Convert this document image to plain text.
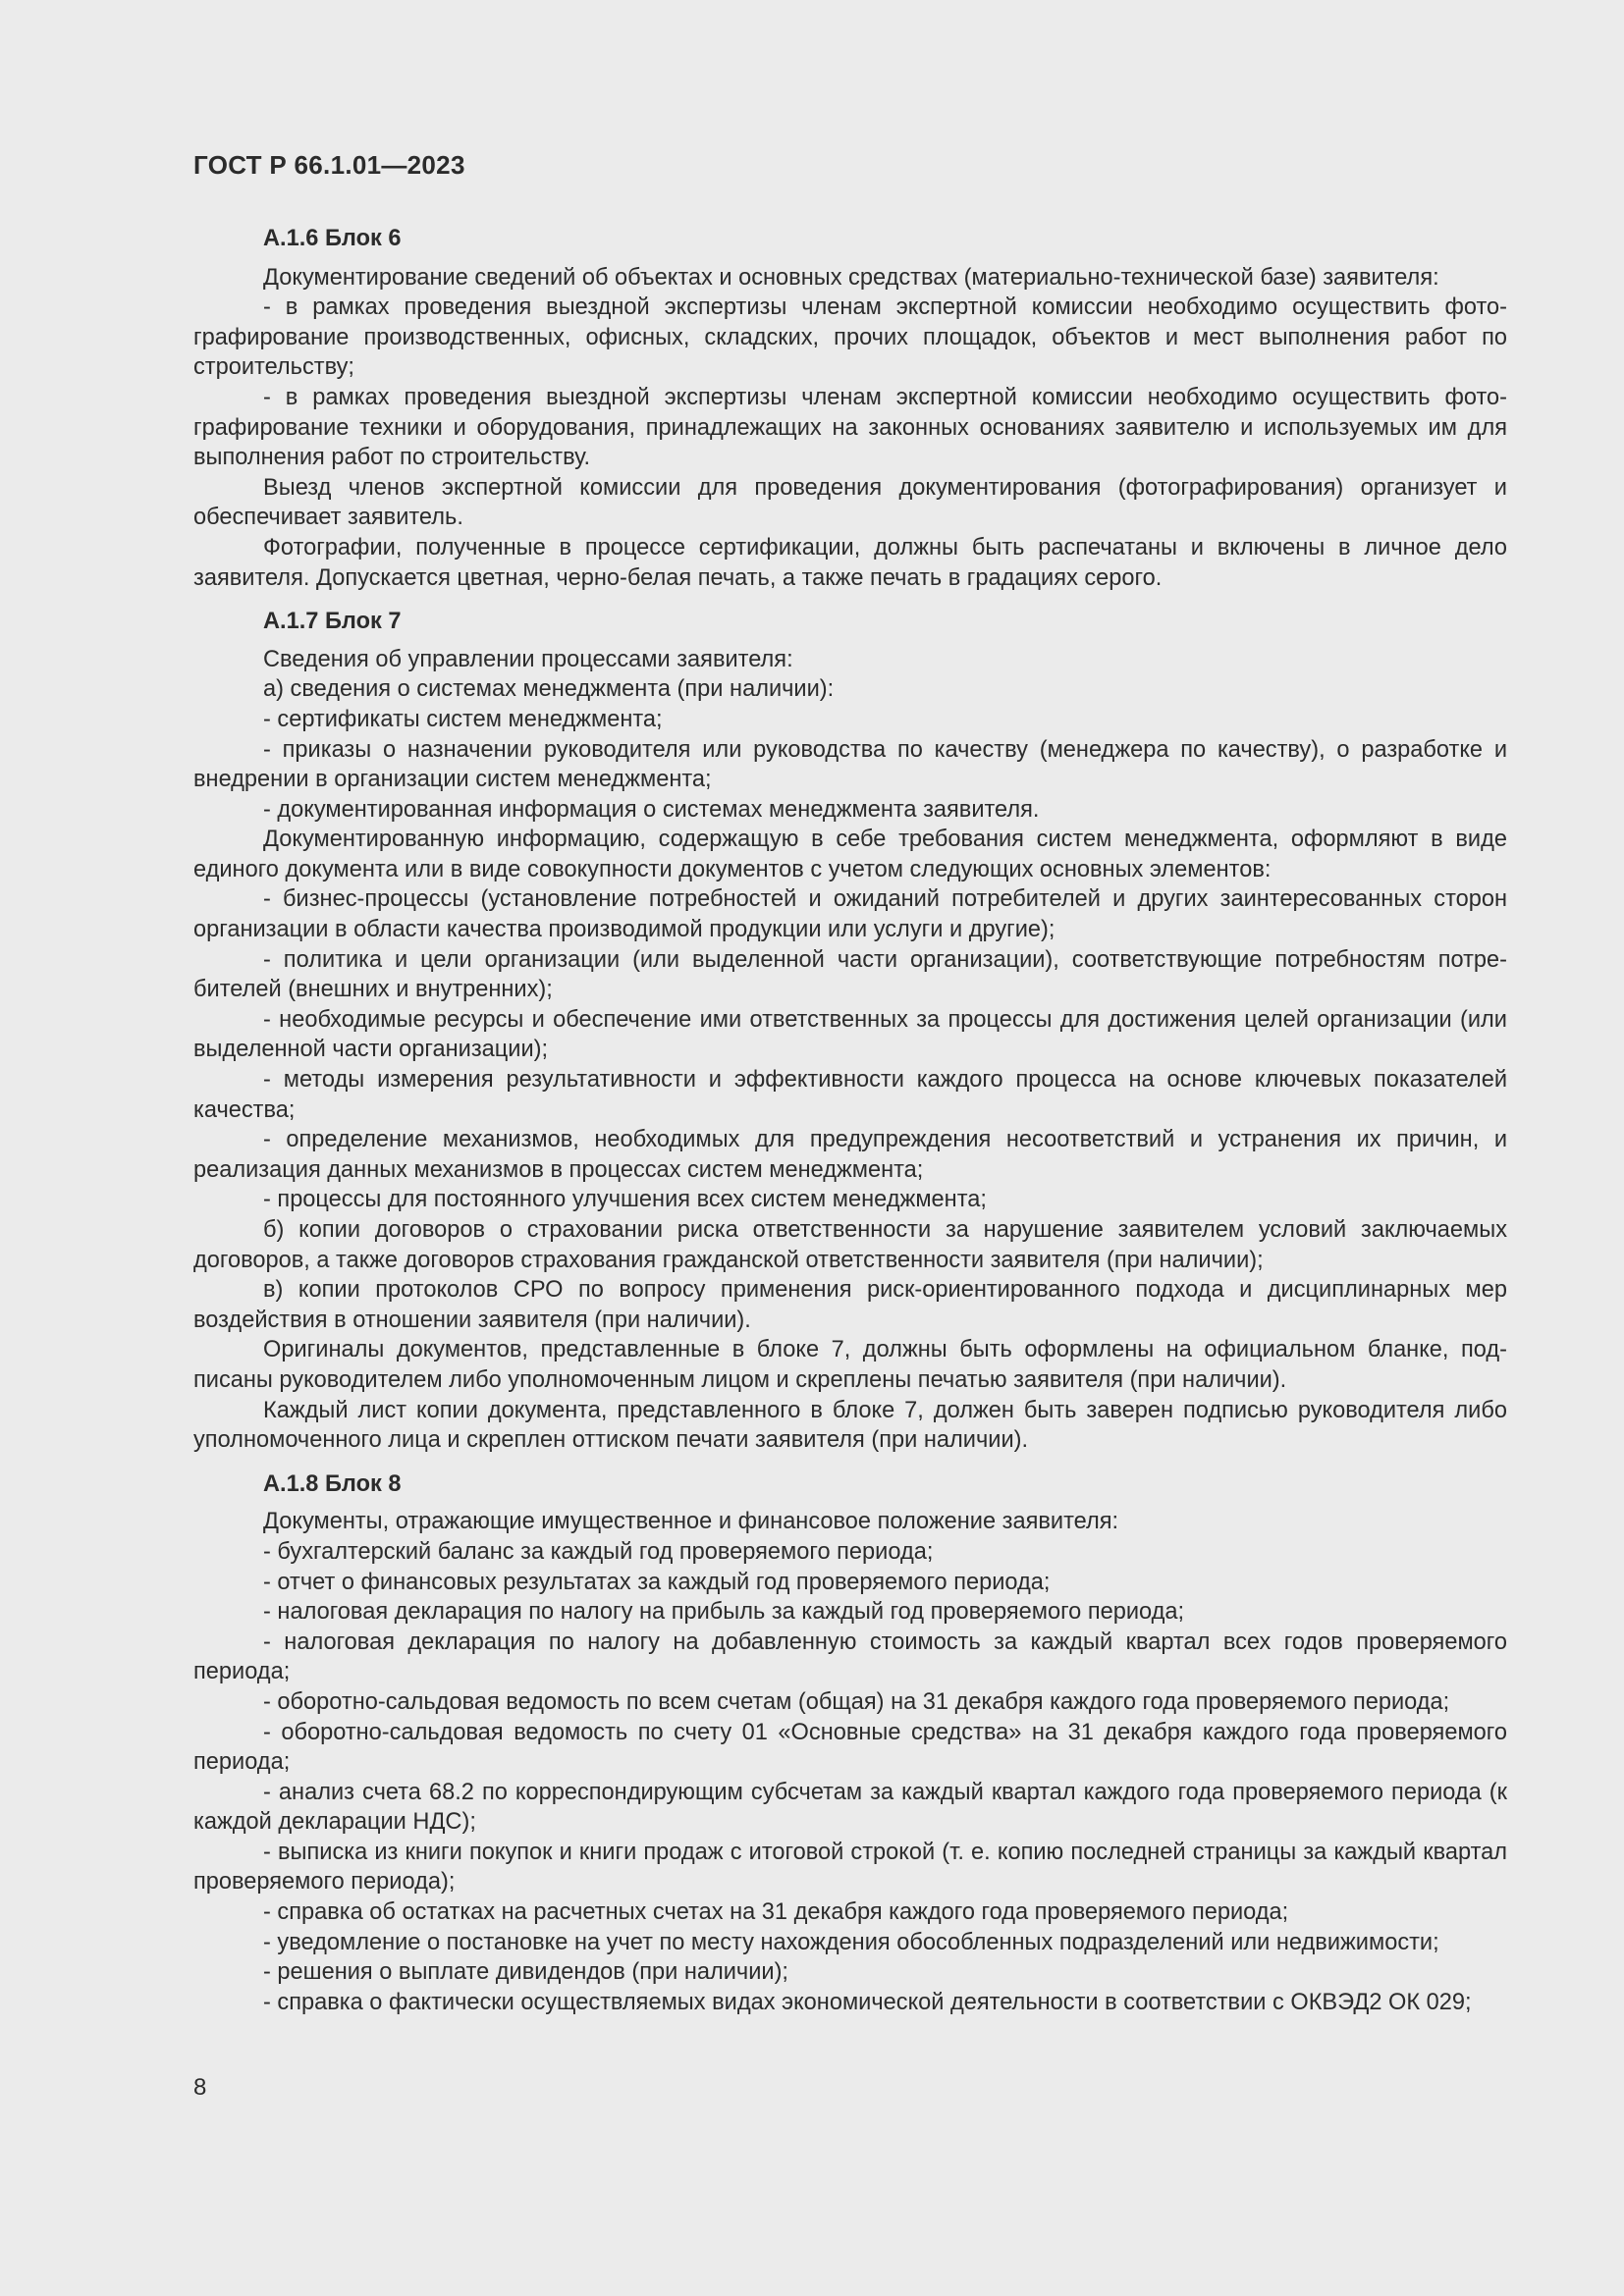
ГОСТ Р 66.1.01—2023
А.1.6 Блок 6

Документирование сведений об объектах и основных средствах (материально-технической базе) заявителя:

- в рамках проведения выездной экспертизы членам экспертной комиссии необходимо осуществить фотографирование производственных, офисных, складских, прочих площадок, объектов и мест выполнения работ по строительству;

- в рамках проведения выездной экспертизы членам экспертной комиссии необходимо осуществить фотографирование техники и оборудования, принадлежащих на законных основаниях заявителю и используемых им для выполнения работ по строительству.

Выезд членов экспертной комиссии для проведения документирования (фотографирования) организует и обеспечивает заявитель.

Фотографии, полученные в процессе сертификации, должны быть распечатаны и включены в личное дело заявителя. Допускается цветная, черно-белая печать, а также печать в градациях серого.

А.1.7 Блок 7

Сведения об управлении процессами заявителя:

а) сведения о системах менеджмента (при наличии):

- сертификаты систем менеджмента;

- приказы о назначении руководителя или руководства по качеству (менеджера по качеству), о разработке и внедрении в организации систем менеджмента;

- документированная информация о системах менеджмента заявителя.

Документированную информацию, содержащую в себе требования систем менеджмента, оформляют в виде единого документа или в виде совокупности документов с учетом следующих основных элементов:

- бизнес-процессы (установление потребностей и ожиданий потребителей и других заинтересованных сторон организации в области качества производимой продукции или услуги и другие);

- политика и цели организации (или выделенной части организации), соответствующие потребностям потребителей (внешних и внутренних);

- необходимые ресурсы и обеспечение ими ответственных за процессы для достижения целей организации (или выделенной части организации);

- методы измерения результативности и эффективности каждого процесса на основе ключевых показателей качества;

- определение механизмов, необходимых для предупреждения несоответствий и устранения их причин, и реализация данных механизмов в процессах систем менеджмента;

- процессы для постоянного улучшения всех систем менеджмента;

б) копии договоров о страховании риска ответственности за нарушение заявителем условий заключаемых договоров, а также договоров страхования гражданской ответственности заявителя (при наличии);

в) копии протоколов СРО по вопросу применения риск-ориентированного подхода и дисциплинарных мер воздействия в отношении заявителя (при наличии).

Оригиналы документов, представленные в блоке 7, должны быть оформлены на официальном бланке, подписаны руководителем либо уполномоченным лицом и скреплены печатью заявителя (при наличии).

Каждый лист копии документа, представленного в блоке 7, должен быть заверен подписью руководителя либо уполномоченного лица и скреплен оттиском печати заявителя (при наличии).

А.1.8 Блок 8

Документы, отражающие имущественное и финансовое положение заявителя:

- бухгалтерский баланс за каждый год проверяемого периода;

- отчет о финансовых результатах за каждый год проверяемого периода;

- налоговая декларация по налогу на прибыль за каждый год проверяемого периода;

- налоговая декларация по налогу на добавленную стоимость за каждый квартал всех годов проверяемого периода;

- оборотно-сальдовая ведомость по всем счетам (общая) на 31 декабря каждого года проверяемого периода;

- оборотно-сальдовая ведомость по счету 01 «Основные средства» на 31 декабря каждого года проверяемого периода;

- анализ счета 68.2 по корреспондирующим субсчетам за каждый квартал каждого года проверяемого периода (к каждой декларации НДС);

- выписка из книги покупок и книги продаж с итоговой строкой (т. е. копию последней страницы за каждый квартал проверяемого периода);

- справка об остатках на расчетных счетах на 31 декабря каждого года проверяемого периода;

- уведомление о постановке на учет по месту нахождения обособленных подразделений или недвижимости;

- решения о выплате дивидендов (при наличии);

- справка о фактически осуществляемых видах экономической деятельности в соответствии с ОКВЭД2 ОК 029;

8
